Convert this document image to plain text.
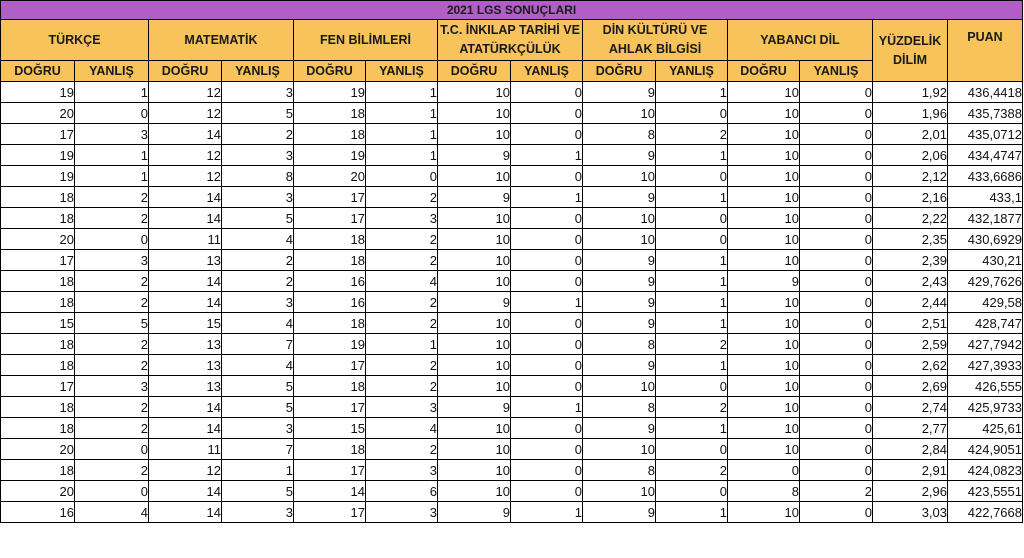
2021 LGS SONUÇLARI													
TÜRKÇE		MATEMATİK		FEN BİLİMLERİ		T.C. İNKILAP TARİHİ VE ATATÜRKÇÜLÜK		DİN KÜLTÜRÜ VE AHLAK BİLGİSİ		YABANCI DİL		YÜZDELİK DİLİM	PUAN
DOĞRU	YANLIŞ	DOĞRU	YANLIŞ	DOĞRU	YANLIŞ	DOĞRU	YANLIŞ	DOĞRU	YANLIŞ	DOĞRU	YANLIŞ		
19	1	12	3	19	1	10	0	9	1	10	0	1,92	436,4418
20	0	12	5	18	1	10	0	10	0	10	0	1,96	435,7388
17	3	14	2	18	1	10	0	8	2	10	0	2,01	435,0712
19	1	12	3	19	1	9	1	9	1	10	0	2,06	434,4747
19	1	12	8	20	0	10	0	10	0	10	0	2,12	433,6686
18	2	14	3	17	2	9	1	9	1	10	0	2,16	433,1
18	2	14	5	17	3	10	0	10	0	10	0	2,22	432,1877
20	0	11	4	18	2	10	0	10	0	10	0	2,35	430,6929
17	3	13	2	18	2	10	0	9	1	10	0	2,39	430,21
18	2	14	2	16	4	10	0	9	1	9	0	2,43	429,7626
18	2	14	3	16	2	9	1	9	1	10	0	2,44	429,58
15	5	15	4	18	2	10	0	9	1	10	0	2,51	428,747
18	2	13	7	19	1	10	0	8	2	10	0	2,59	427,7942
18	2	13	4	17	2	10	0	9	1	10	0	2,62	427,3933
17	3	13	5	18	2	10	0	10	0	10	0	2,69	426,555
18	2	14	5	17	3	9	1	8	2	10	0	2,74	425,9733
18	2	14	3	15	4	10	0	9	1	10	0	2,77	425,61
20	0	11	7	18	2	10	0	10	0	10	0	2,84	424,9051
18	2	12	1	17	3	10	0	8	2	0	0	2,91	424,0823
20	0	14	5	14	6	10	0	10	0	8	2	2,96	423,5551
16	4	14	3	17	3	9	1	9	1	10	0	3,03	422,7668
